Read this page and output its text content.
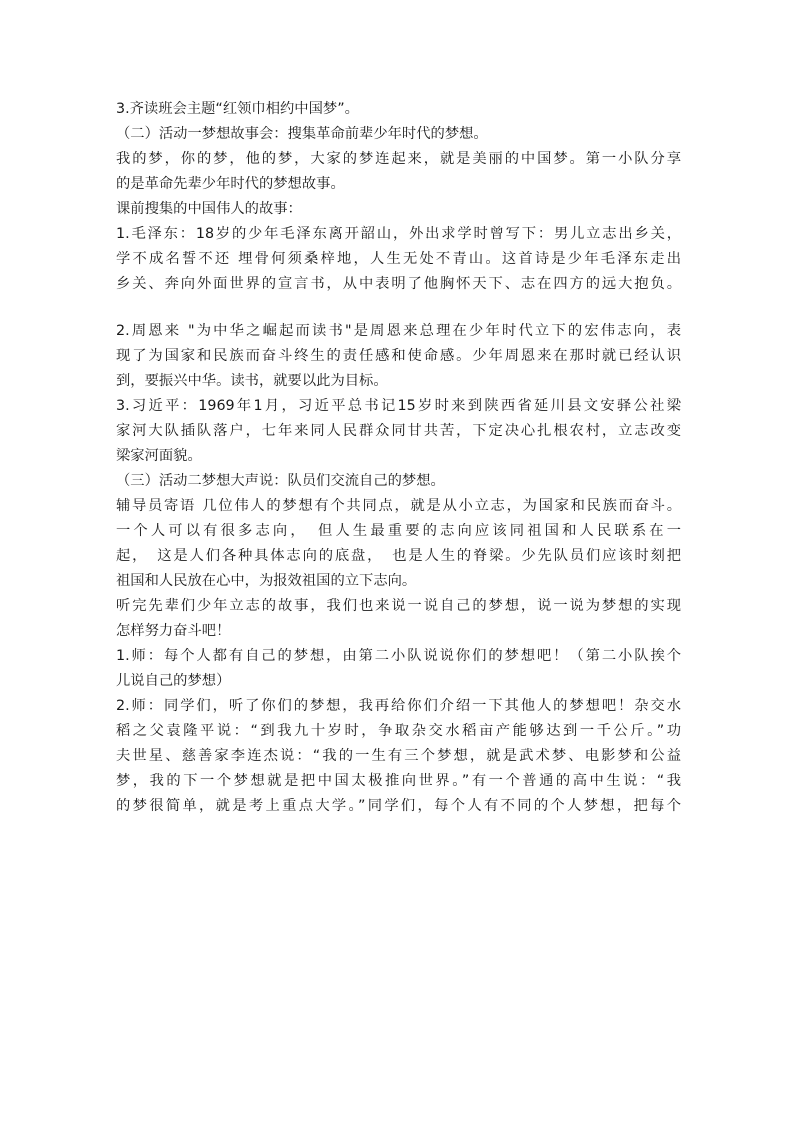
3.齐读班会主题“红领巾相约中国梦”。
（二）活动一梦想故事会：搜集革命前辈少年时代的梦想。
我的梦，你的梦，他的梦，大家的梦连起来，就是美丽的中国梦。第一小队分享
的是革命先辈少年时代的梦想故事。
课前搜集的中国伟人的故事：
1.毛泽东：18岁的少年毛泽东离开韶山，外出求学时曾写下：男儿立志出乡关，
学不成名誓不还 埋骨何须桑梓地，人生无处不青山。这首诗是少年毛泽东走出
乡关、奔向外面世界的宣言书，从中表明了他胸怀天下、志在四方的远大抱负。
2.周恩来 "为中华之崛起而读书"是周恩来总理在少年时代立下的宏伟志向，表
现了为国家和民族而奋斗终生的责任感和使命感。少年周恩来在那时就已经认识
到，要振兴中华。读书，就要以此为目标。
3.习近平：1969年1月，习近平总书记15岁时来到陕西省延川县文安驿公社梁
家河大队插队落户，七年来同人民群众同甘共苦，下定决心扎根农村，立志改变
梁家河面貌。
（三）活动二梦想大声说：队员们交流自己的梦想。
辅导员寄语 几位伟人的梦想有个共同点，就是从小立志，为国家和民族而奋斗。
一个人可以有很多志向，　但人生最重要的志向应该同祖国和人民联系在一
起，　这是人们各种具体志向的底盘，　也是人生的脊梁。少先队员们应该时刻把
祖国和人民放在心中，为报效祖国的立下志向。
听完先辈们少年立志的故事，我们也来说一说自己的梦想，说一说为梦想的实现
怎样努力奋斗吧！
1.师：每个人都有自己的梦想，由第二小队说说你们的梦想吧！（第二小队挨个
儿说自己的梦想）
2.师：同学们，听了你们的梦想，我再给你们介绍一下其他人的梦想吧！杂交水
稻之父袁隆平说：“到我九十岁时，争取杂交水稻亩产能够达到一千公斤。”功
夫世星、慈善家李连杰说：“我的一生有三个梦想，就是武术梦、电影梦和公益
梦，我的下一个梦想就是把中国太极推向世界。”有一个普通的高中生说：“我
的梦很简单，就是考上重点大学。”同学们，每个人有不同的个人梦想，把每个
